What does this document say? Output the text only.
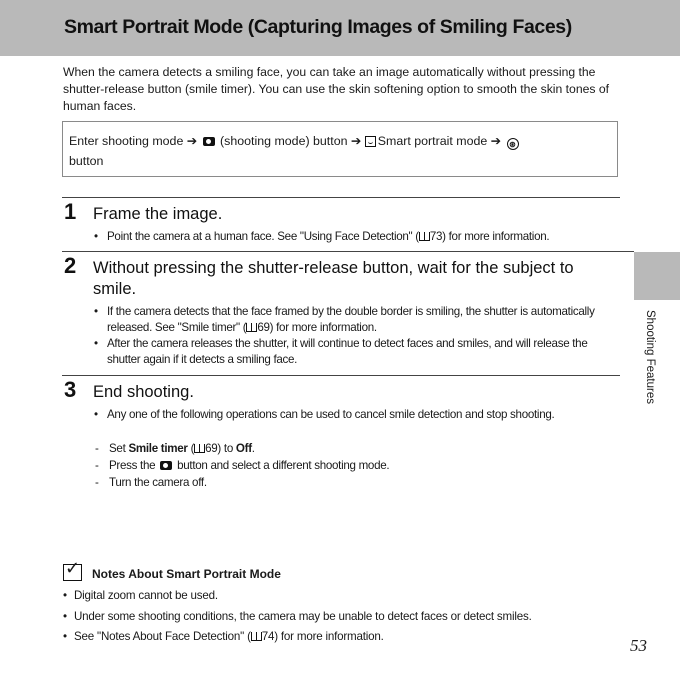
Smart Portrait Mode (Capturing Images of Smiling Faces)

When the camera detects a smiling face, you can take an image automatically without pressing the shutter-release button (smile timer). You can use the skin softening option to smooth the skin tones of human faces.

Enter shooting mode ➔  (shooting mode) button ➔ Smart portrait mode ➔ ⊛
button
1 Frame the image.

• Point the camera at a human face. See "Using Face Detection" ( 73) for more information.
2 Without pressing the shutter-release button, wait for the subject to smile.

• If the camera detects that the face framed by the double border is smiling, the shutter is automatically released. See "Smile timer" ( 69) for more information.
• After the camera releases the shutter, it will continue to detect faces and smiles, and will release the shutter again if it detects a smiling face.
3 End shooting.

• Any one of the following operations can be used to cancel smile detection and stop shooting.
- Set Smile timer ( 69) to Off.
- Press the  button and select a different shooting mode.
- Turn the camera off.
Shooting Features
✓Notes About Smart Portrait Mode
• Digital zoom cannot be used.
• Under some shooting conditions, the camera may be unable to detect faces or detect smiles.
• See "Notes About Face Detection" ( 74) for more information.	53
